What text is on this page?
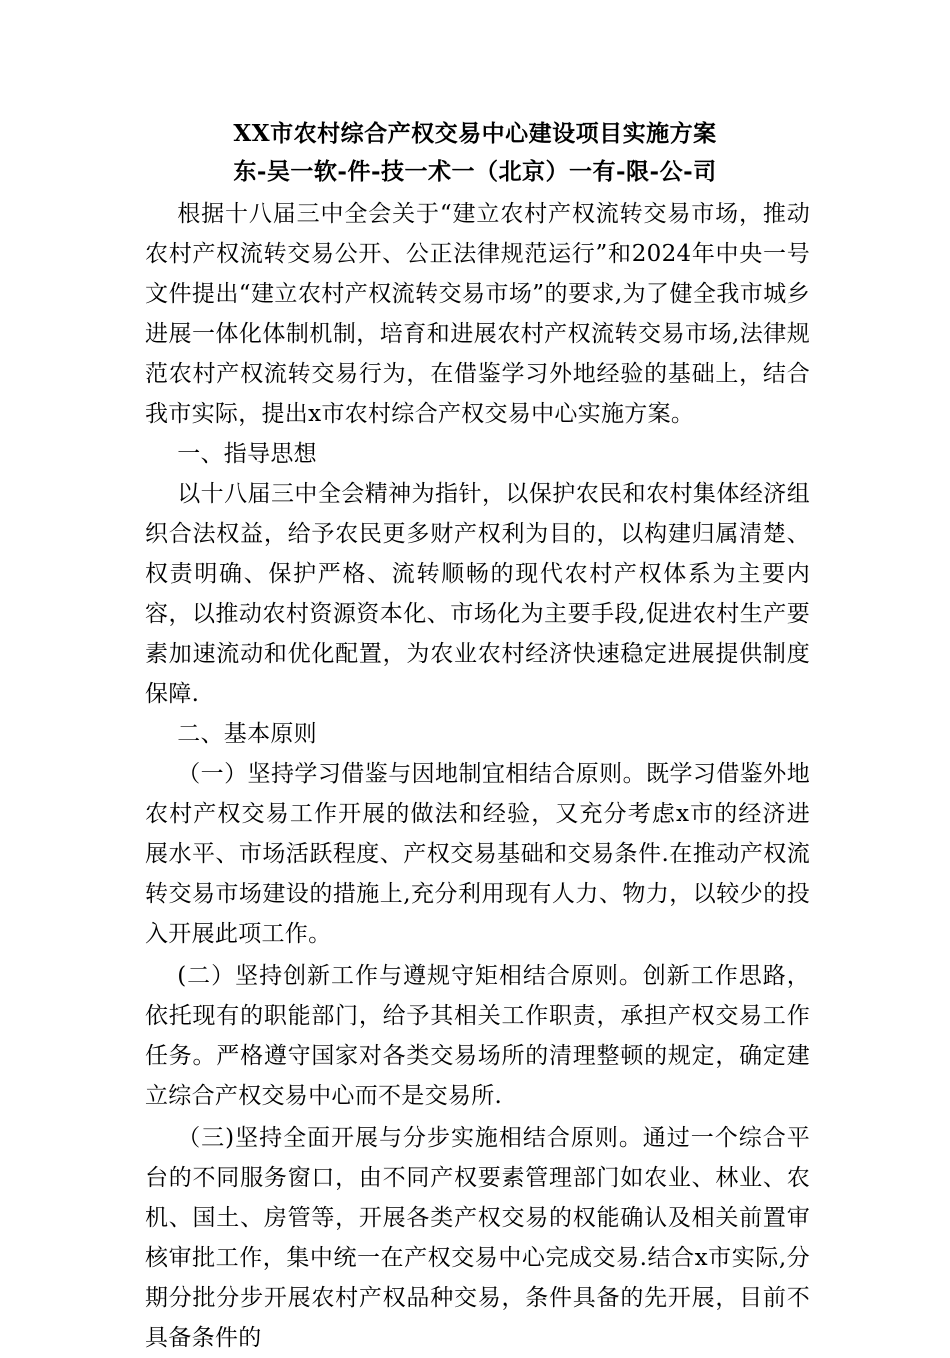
XX市农村综合产权交易中心建设项目实施方案
东-吴一软-件-技一术一（北京）一有-限-公-司

根据十八届三中全会关于“建立农村产权流转交易市场，推动农村产权流转交易公开、公正法律规范运行”和2024年中央一号文件提出“建立农村产权流转交易市场”的要求,为了健全我市城乡进展一体化体制机制，培育和进展农村产权流转交易市场,法律规范农村产权流转交易行为，在借鉴学习外地经验的基础上，结合我市实际，提出x市农村综合产权交易中心实施方案。

一、指导思想

以十八届三中全会精神为指针，以保护农民和农村集体经济组织合法权益，给予农民更多财产权利为目的，以构建归属清楚、权责明确、保护严格、流转顺畅的现代农村产权体系为主要内容，以推动农村资源资本化、市场化为主要手段,促进农村生产要素加速流动和优化配置，为农业农村经济快速稳定进展提供制度保障.

二、基本原则

（一）坚持学习借鉴与因地制宜相结合原则。既学习借鉴外地农村产权交易工作开展的做法和经验，又充分考虑x市的经济进展水平、市场活跃程度、产权交易基础和交易条件.在推动产权流转交易市场建设的措施上,充分利用现有人力、物力，以较少的投入开展此项工作。

(二）坚持创新工作与遵规守矩相结合原则。创新工作思路，依托现有的职能部门，给予其相关工作职责，承担产权交易工作任务。严格遵守国家对各类交易场所的清理整顿的规定，确定建立综合产权交易中心而不是交易所.

（三)坚持全面开展与分步实施相结合原则。通过一个综合平台的不同服务窗口，由不同产权要素管理部门如农业、林业、农机、国土、房管等，开展各类产权交易的权能确认及相关前置审核审批工作，集中统一在产权交易中心完成交易.结合x市实际,分期分批分步开展农村产权品种交易，条件具备的先开展，目前不具备条件的
